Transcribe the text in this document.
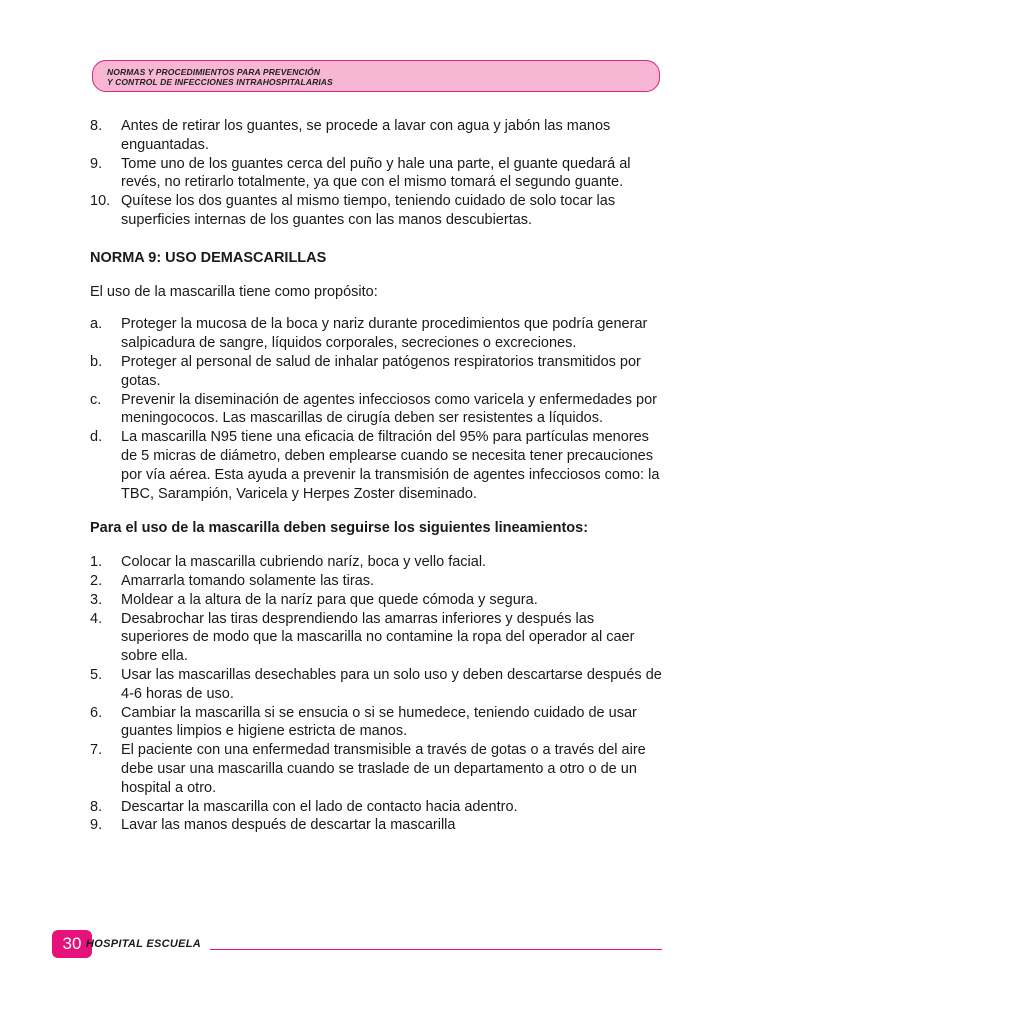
NORMAS Y PROCEDIMIENTOS PARA PREVENCIÓN
Y CONTROL DE INFECCIONES INTRAHOSPITALARIAS
8.	Antes de retirar los guantes, se procede a lavar con agua y jabón las manos enguantadas.
9.	Tome uno de los guantes cerca del puño y hale una parte, el guante quedará al revés, no retirarlo totalmente, ya que con el mismo tomará el segundo guante.
10. Quítese los dos guantes al mismo tiempo, teniendo cuidado de solo tocar las superficies internas de los guantes con las manos descubiertas.

NORMA 9: USO DEMASCARILLAS

El uso de la mascarilla tiene como propósito:

a.	Proteger la mucosa de la boca y nariz durante procedimientos que podría generar salpicadura de sangre, líquidos corporales, secreciones o excreciones.
b.	Proteger al personal de salud de inhalar patógenos respiratorios transmitidos por gotas.
c.	Prevenir la diseminación de agentes infecciosos como varicela y enfermedades por meningococos. Las mascarillas de cirugía deben ser resistentes a líquidos.
d.	La mascarilla N95 tiene una eficacia de filtración del 95% para partículas menores de 5 micras de diámetro, deben emplearse cuando se necesita tener precauciones por vía aérea. Esta ayuda a prevenir la transmisión de agentes infecciosos como: la TBC, Sarampión, Varicela y Herpes Zoster diseminado.

Para el uso de la mascarilla deben seguirse los siguientes lineamientos:

1.	Colocar la mascarilla cubriendo naríz, boca y vello facial.
2.	Amarrarla tomando solamente las tiras.
3.	Moldear a la altura de la naríz para que quede cómoda y segura.
4.	Desabrochar las tiras desprendiendo las amarras inferiores y después las superiores de modo que la mascarilla no contamine la ropa del operador al caer sobre ella.
5.	Usar las mascarillas desechables para un solo uso y deben descartarse después de 4-6 horas de uso.
6.	Cambiar la mascarilla si se ensucia o si se humedece, teniendo cuidado de usar guantes limpios e higiene estricta de manos.
7.	El paciente con una enfermedad transmisible a través de gotas o a través del aire debe usar una mascarilla cuando se traslade de un departamento a otro o de un hospital a otro.
8.	Descartar la mascarilla con el lado de contacto hacia adentro.
9.	Lavar las manos después de descartar la mascarilla
30 HOSPITAL ESCUELA
